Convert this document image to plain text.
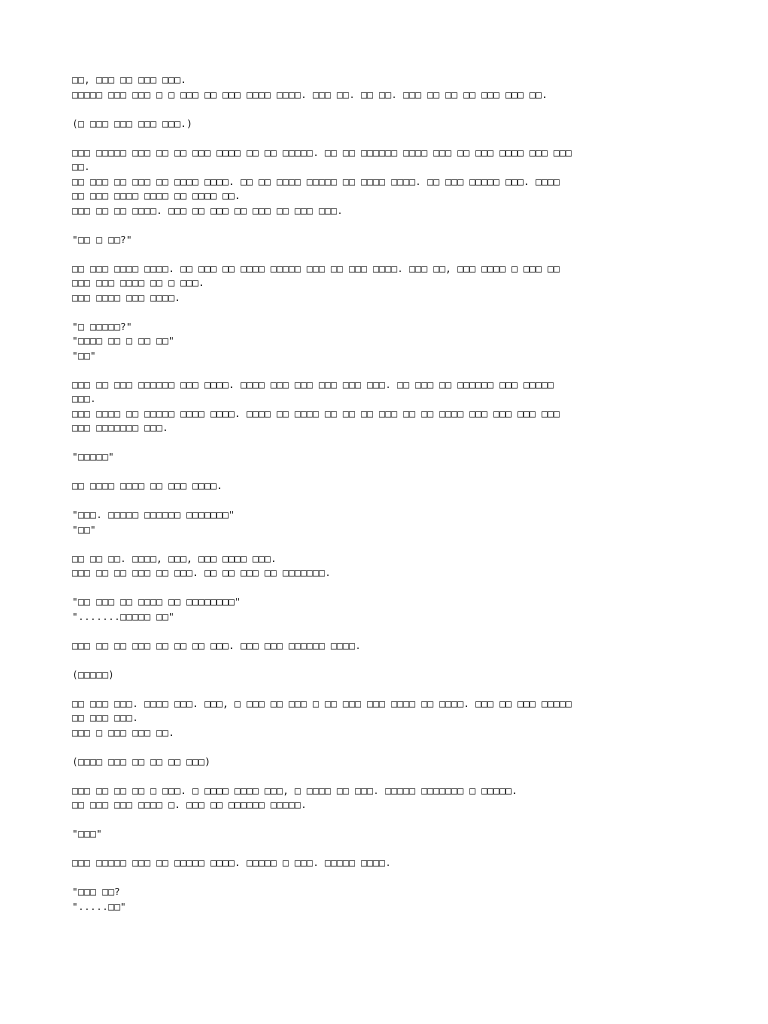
□□, □□□ □□ □□□ □□□.
□□□□□ □□□ □□□ □ □ □□□ □□ □□□ □□□□ □□□□. □□□ □□. □□ □□. □□□ □□ □□ □□ □□□ □□□ □□.
(□ □□□ □□□ □□□ □□□.)
□□□ □□□□□ □□□ □□ □□ □□□ □□□□ □□ □□ □□□□□. □□ □□ □□□□□□ □□□□ □□□ □□ □□□ □□□□ □□□ □□□
□□.
□□ □□□ □□ □□□ □□ □□□□ □□□□. □□ □□ □□□□ □□□□□ □□ □□□□ □□□□. □□ □□□ □□□□□ □□□. □□□□
□□ □□□ □□□□ □□□□ □□ □□□□ □□.
□□□ □□ □□ □□□□. □□□ □□ □□□ □□ □□□ □□ □□□ □□□.
"□□ □ □□?"
□□ □□□ □□□□ □□□□. □□ □□□ □□ □□□□ □□□□□ □□□ □□ □□□ □□□□. □□□ □□, □□□ □□□□ □ □□□ □□
□□□ □□□ □□□□ □□ □ □□□.
□□□ □□□□ □□□ □□□□.
"□ □□□□□?"
"□□□□ □□ □ □□ □□"
"□□"
□□□ □□ □□□ □□□□□□ □□□ □□□□. □□□□ □□□ □□□ □□□ □□□ □□□. □□ □□□ □□ □□□□□□ □□□ □□□□□
□□□.
□□□ □□□□ □□ □□□□□ □□□□ □□□□. □□□□ □□ □□□□ □□ □□ □□ □□□ □□ □□ □□□□ □□□ □□□ □□□ □□□
□□□ □□□□□□□ □□□.
"□□□□□"
□□ □□□□ □□□□ □□ □□□ □□□□.
"□□□. □□□□□ □□□□□□ □□□□□□□"
"□□"
□□ □□ □□. □□□□, □□□, □□□ □□□□ □□□.
□□□ □□ □□ □□□ □□ □□□. □□ □□ □□□ □□ □□□□□□□.
"□□ □□□ □□ □□□□ □□ □□□□□□□□"
".......□□□□□ □□"
□□□ □□ □□ □□□ □□ □□ □□ □□□. □□□ □□□ □□□□□□ □□□□.
(□□□□□)
□□ □□□ □□□. □□□□ □□□. □□□, □ □□□ □□ □□□ □ □□ □□□ □□□ □□□□ □□ □□□□. □□□ □□ □□□ □□□□□
□□ □□□ □□□.
□□□ □ □□□ □□□ □□.
(□□□□ □□□ □□ □□ □□ □□□)
□□□ □□ □□ □□ □ □□□. □ □□□□ □□□□ □□□, □ □□□□ □□ □□□. □□□□□ □□□□□□□ □ □□□□□.
□□ □□□ □□□ □□□□ □. □□□ □□ □□□□□□ □□□□□.
"□□□"
□□□ □□□□□ □□□ □□ □□□□□ □□□□. □□□□□ □ □□□. □□□□□ □□□□.
"□□□ □□?
".....□□"
